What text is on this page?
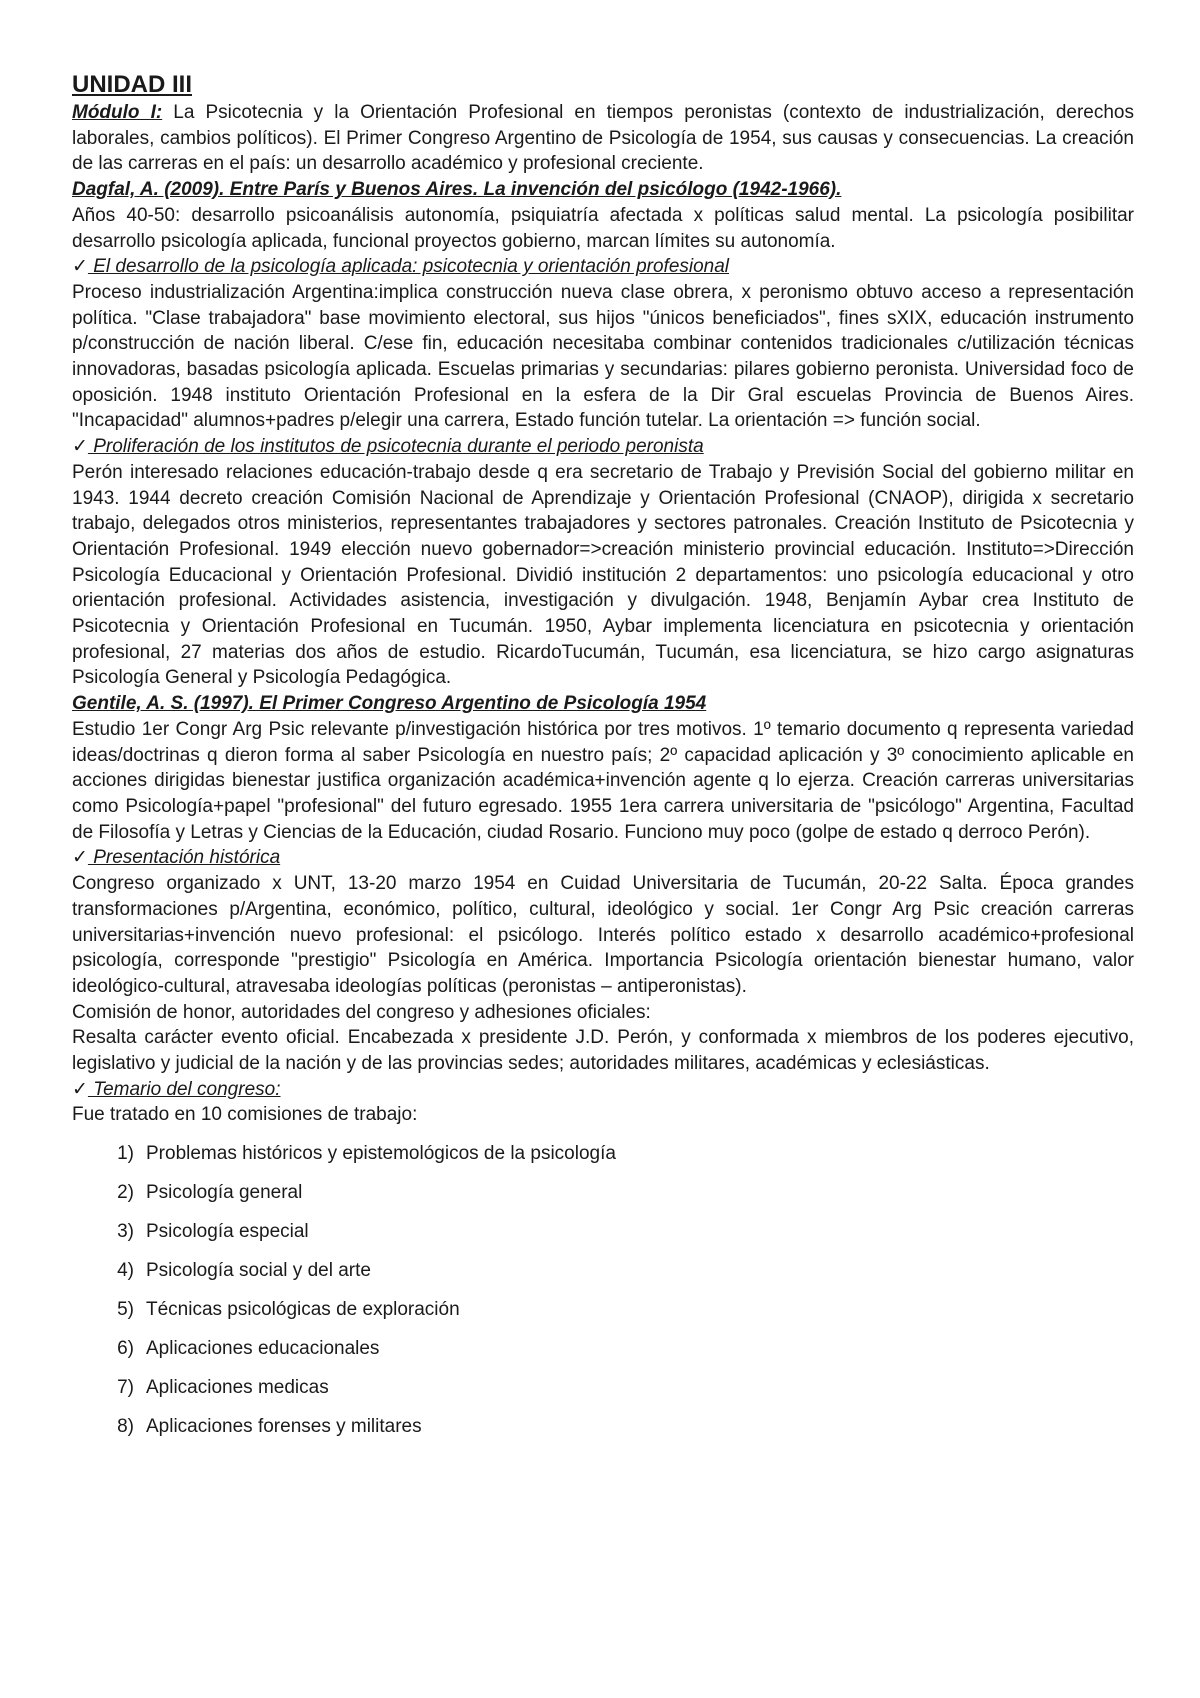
UNIDAD III

Módulo I: La Psicotecnia y la Orientación Profesional en tiempos peronistas (contexto de industrialización, derechos laborales, cambios políticos). El Primer Congreso Argentino de Psicología de 1954, sus causas y consecuencias. La creación de las carreras en el país: un desarrollo académico y profesional creciente.

Dagfal, A. (2009). Entre París y Buenos Aires. La invención del psicólogo (1942-1966).

Años 40-50: desarrollo psicoanálisis autonomía, psiquiatría afectada x políticas salud mental. La psicología posibilitar desarrollo psicología aplicada, funcional proyectos gobierno, marcan límites su autonomía.

✓ El desarrollo de la psicología aplicada: psicotecnia y orientación profesional

Proceso industrialización Argentina:implica construcción nueva clase obrera, x peronismo obtuvo acceso a representación política. "Clase trabajadora" base movimiento electoral, sus hijos "únicos beneficiados", fines sXIX, educación instrumento p/construcción de nación liberal. C/ese fin, educación necesitaba combinar contenidos tradicionales c/utilización técnicas innovadoras, basadas psicología aplicada. Escuelas primarias y secundarias: pilares gobierno peronista. Universidad foco de oposición. 1948 instituto Orientación Profesional en la esfera de la Dir Gral escuelas Provincia de Buenos Aires. "Incapacidad" alumnos+padres p/elegir una carrera, Estado función tutelar. La orientación => función social.

✓ Proliferación de los institutos de psicotecnia durante el periodo peronista

Perón interesado relaciones educación-trabajo desde q era secretario de Trabajo y Previsión Social del gobierno militar en 1943. 1944 decreto creación Comisión Nacional de Aprendizaje y Orientación Profesional (CNAOP), dirigida x secretario trabajo, delegados otros ministerios, representantes trabajadores y sectores patronales. Creación Instituto de Psicotecnia y Orientación Profesional. 1949 elección nuevo gobernador=>creación ministerio provincial educación. Instituto=>Dirección Psicología Educacional y Orientación Profesional. Dividió institución 2 departamentos: uno psicología educacional y otro orientación profesional. Actividades asistencia, investigación y divulgación. 1948, Benjamín Aybar crea Instituto de Psicotecnia y Orientación Profesional en Tucumán. 1950, Aybar implementa licenciatura en psicotecnia y orientación profesional, 27 materias dos años de estudio. RicardoTucumán, Tucumán, esa licenciatura, se hizo cargo asignaturas Psicología General y Psicología Pedagógica.

Gentile, A. S. (1997). El Primer Congreso Argentino de Psicología 1954

Estudio 1er Congr Arg Psic relevante p/investigación histórica por tres motivos. 1º temario documento q representa variedad ideas/doctrinas q dieron forma al saber Psicología en nuestro país; 2º capacidad aplicación y 3º conocimiento aplicable en acciones dirigidas bienestar justifica organización académica+invención agente q lo ejerza. Creación carreras universitarias como Psicología+papel "profesional" del futuro egresado. 1955 1era carrera universitaria de "psicólogo" Argentina, Facultad de Filosofía y Letras y Ciencias de la Educación, ciudad Rosario. Funciono muy poco (golpe de estado q derroco Perón).

✓ Presentación histórica

Congreso organizado x UNT, 13-20 marzo 1954 en Cuidad Universitaria de Tucumán, 20-22 Salta. Época grandes transformaciones p/Argentina, económico, político, cultural, ideológico y social. 1er Congr Arg Psic creación carreras universitarias+invención nuevo profesional: el psicólogo. Interés político estado x desarrollo académico+profesional psicología, corresponde "prestigio" Psicología en América. Importancia Psicología orientación bienestar humano, valor ideológico-cultural, atravesaba ideologías políticas (peronistas – antiperonistas).

Comisión de honor, autoridades del congreso y adhesiones oficiales:

Resalta carácter evento oficial. Encabezada x presidente J.D. Perón, y conformada x miembros de los poderes ejecutivo, legislativo y judicial de la nación y de las provincias sedes; autoridades militares, académicas y eclesiásticas.

✓ Temario del congreso:

Fue tratado en 10 comisiones de trabajo:

1) Problemas históricos y epistemológicos de la psicología
2) Psicología general
3) Psicología especial
4) Psicología social y del arte
5) Técnicas psicológicas de exploración
6) Aplicaciones educacionales
7) Aplicaciones medicas
8) Aplicaciones forenses y militares
